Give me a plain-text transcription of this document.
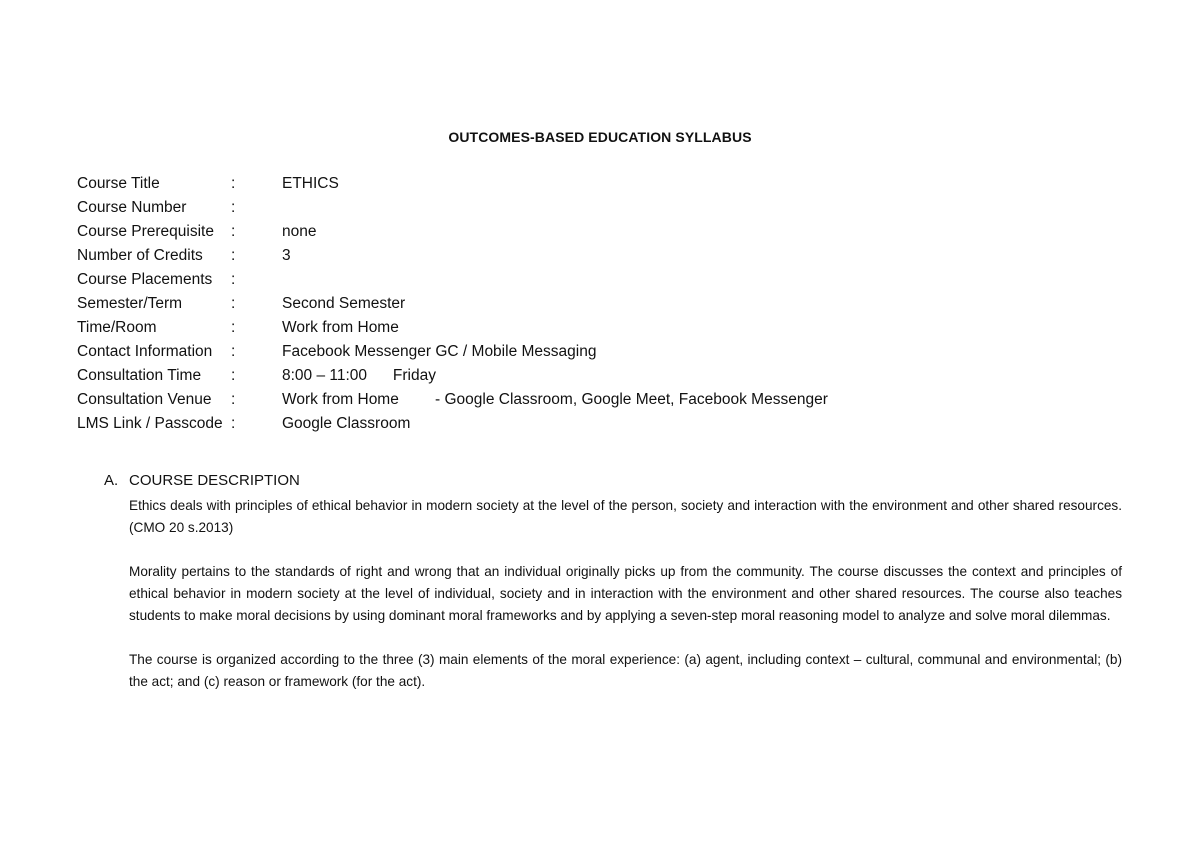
OUTCOMES-BASED EDUCATION SYLLABUS
Course Title	:	ETHICS
Course Number	:
Course Prerequisite :	none
Number of Credits :	3
Course Placements :
Semester/Term	:	Second Semester
Time/Room	:	Work from Home
Contact Information :	Facebook Messenger GC / Mobile Messaging
Consultation Time :	8:00 – 11:00      Friday
Consultation Venue :	Work from Home - Google Classroom, Google Meet, Facebook Messenger
LMS Link / Passcode :	Google Classroom
A. COURSE DESCRIPTION

Ethics deals with principles of ethical behavior in modern society at the level of the person, society and interaction with the environment and other shared resources. (CMO 20 s.2013)

Morality pertains to the standards of right and wrong that an individual originally picks up from the community. The course discusses the context and principles of ethical behavior in modern society at the level of individual, society and in interaction with the environment and other shared resources. The course also teaches students to make moral decisions by using dominant moral frameworks and by applying a seven-step moral reasoning model to analyze and solve moral dilemmas.

The course is organized according to the three (3) main elements of the moral experience: (a) agent, including context – cultural, communal and environmental; (b) the act; and (c) reason or framework (for the act).
